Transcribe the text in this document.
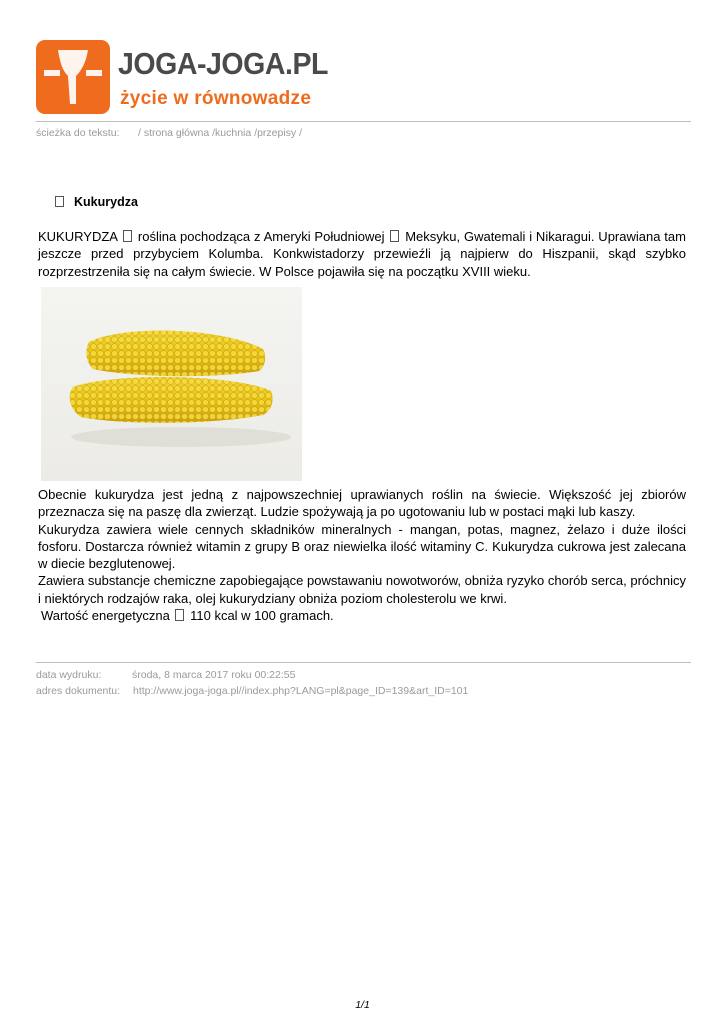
JOGA-JOGA.PL
życie w równowadze
ścieżka do tekstu: / strona główna /kuchnia /przepisy /
Kukurydza
KUKURYDZA roślina pochodząca z Ameryki Południowej Meksyku, Gwatemali i Nikaragui. Uprawiana tam jeszcze przed przybyciem Kolumba. Konkwistadorzy przewieźli ją najpierw do Hiszpanii, skąd szybko rozprzestrzeniła się na całym świecie. W Polsce pojawiła się na początku XVIII wieku.
Obecnie kukurydza jest jedną z najpowszechniej uprawianych roślin na świecie. Większość jej zbiorów przeznacza się na paszę dla zwierząt. Ludzie spożywają ja po ugotowaniu lub w postaci mąki lub kaszy.
Kukurydza zawiera wiele cennych składników mineralnych - mangan, potas, magnez, żelazo i duże ilości fosforu. Dostarcza również witamin z grupy B oraz niewielka ilość witaminy C. Kukurydza cukrowa jest zalecana w diecie bezglutenowej.
Zawiera substancje chemiczne zapobiegające powstawaniu nowotworów, obniża ryzyko chorób serca, próchnicy i niektórych rodzajów raka, olej kukurydziany obniża poziom cholesterolu we krwi.
Wartość energetyczna 110 kcal w 100 gramach.
data wydruku:	środa, 8 marca 2017 roku 00:22:55
adres dokumentu: http://www.joga-joga.pl//index.php?LANG=pl&page_ID=139&art_ID=101
1/1
